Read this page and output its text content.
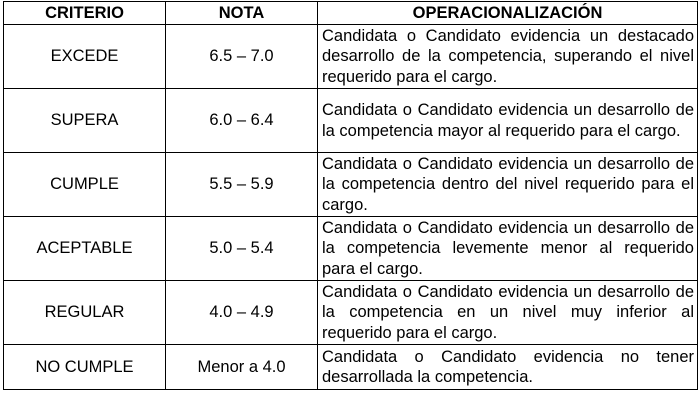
CRITERIO	NOTA	OPERACIONALIZACIÓN
EXCEDE	6.5 – 7.0	Candidata o Candidato evidencia un destacado desarrollo de la competencia, superando el nivel requerido para el cargo.
SUPERA	6.0 – 6.4	Candidata o Candidato evidencia un desarrollo de la competencia mayor al requerido para el cargo.
CUMPLE	5.5 – 5.9	Candidata o Candidato evidencia un desarrollo de la competencia dentro del nivel requerido para el cargo.
ACEPTABLE	5.0 – 5.4	Candidata o Candidato evidencia un desarrollo de la competencia levemente menor al requerido para el cargo.
REGULAR	4.0 – 4.9	Candidata o Candidato evidencia un desarrollo de la competencia en un nivel muy inferior al requerido para el cargo.
NO CUMPLE	Menor a 4.0	Candidata o Candidato evidencia no tener desarrollada la competencia.
